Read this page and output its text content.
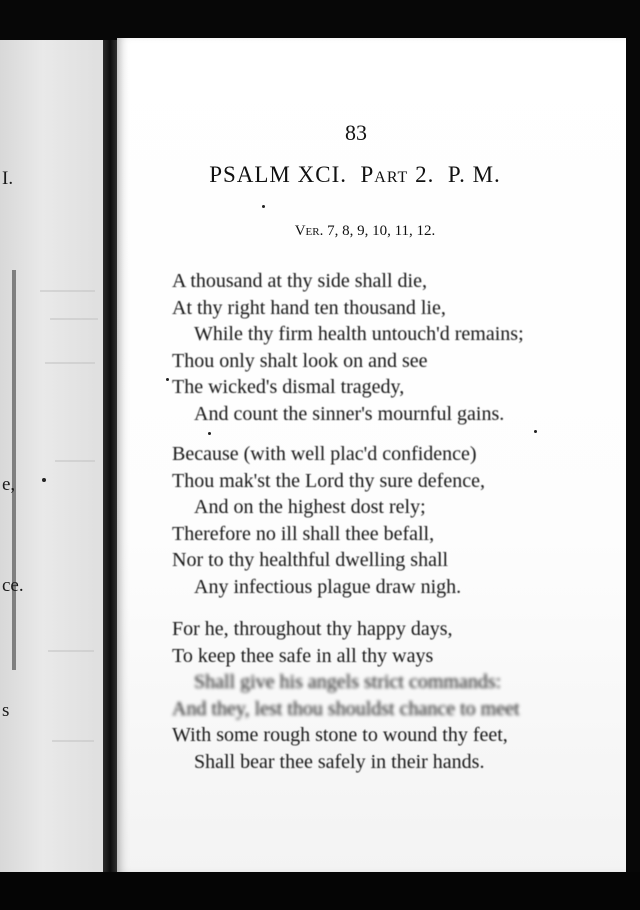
I.
e,
ce.
s
83
PSALM XCI. Part 2. P. M.
Ver. 7, 8, 9, 10, 11, 12.
A thousand at thy side shall die,
At thy right hand ten thousand lie,
While thy firm health untouch'd remains;
Thou only shalt look on and see
The wicked's dismal tragedy,
And count the sinner's mournful gains.
Because (with well plac'd confidence)
Thou mak'st the Lord thy sure defence,
And on the highest dost rely;
Therefore no ill shall thee befall,
Nor to thy healthful dwelling shall
Any infectious plague draw nigh.
For he, throughout thy happy days,
To keep thee safe in all thy ways
Shall give his angels strict commands:
And they, lest thou shouldst chance to meet
With some rough stone to wound thy feet,
Shall bear thee safely in their hands.
